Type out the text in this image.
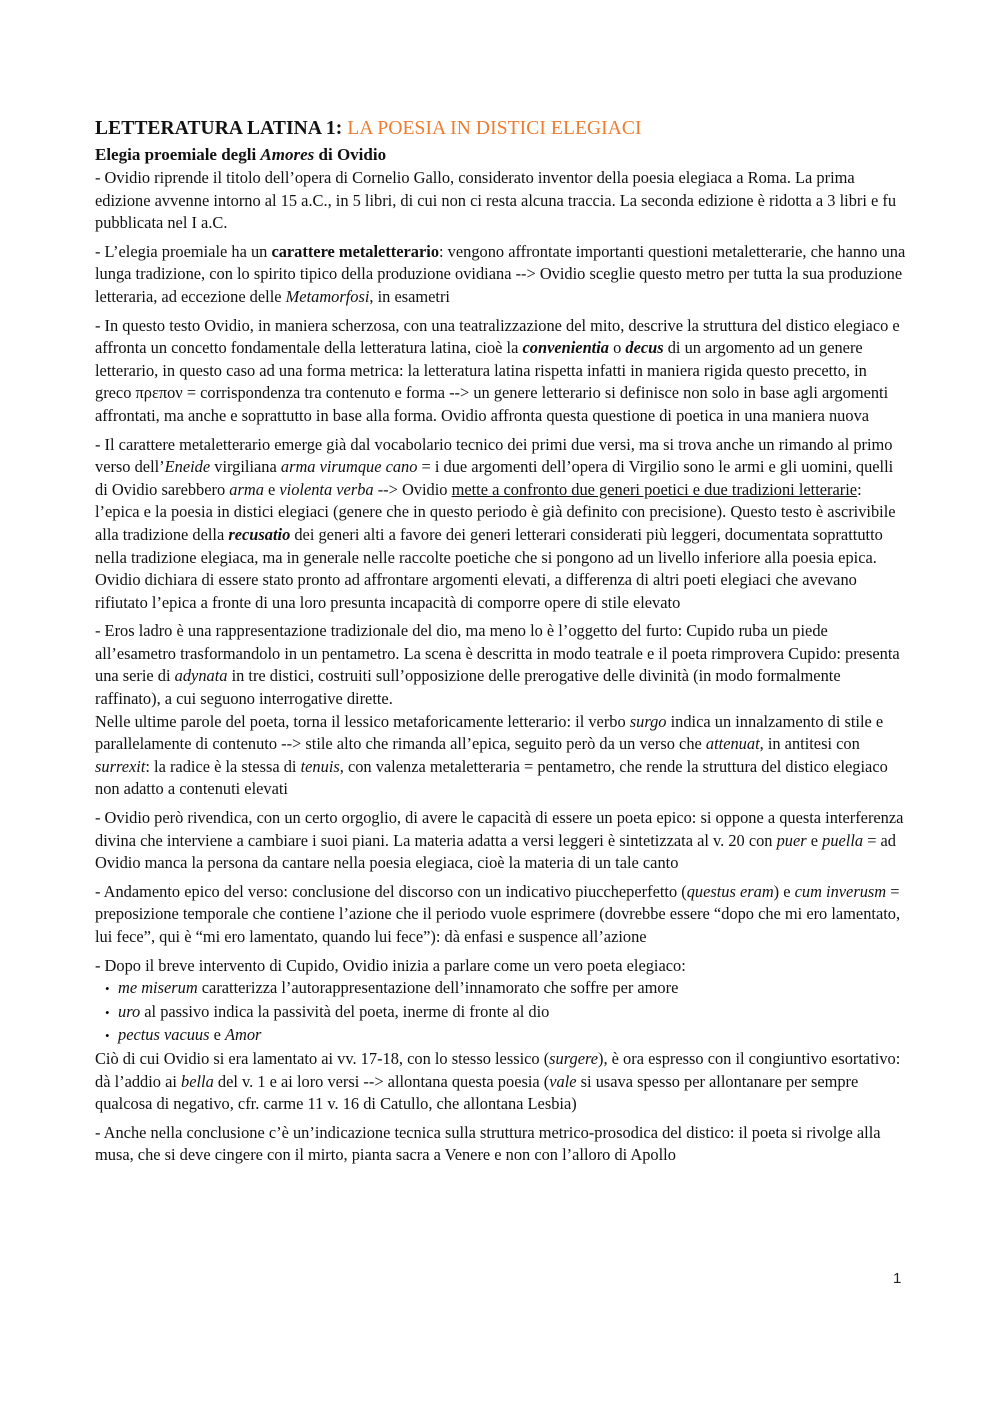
LETTERATURA LATINA 1: LA POESIA IN DISTICI ELEGIACI
Elegia proemiale degli Amores di Ovidio

- Ovidio riprende il titolo dell’opera di Cornelio Gallo, considerato inventor della poesia elegiaca a Roma. La prima edizione avvenne intorno al 15 a.C., in 5 libri, di cui non ci resta alcuna traccia. La seconda edizione è ridotta a 3 libri e fu pubblicata nel I a.C.

- L’elegia proemiale ha un carattere metaletterario: vengono affrontate importanti questioni metaletterarie, che hanno una lunga tradizione, con lo spirito tipico della produzione ovidiana --> Ovidio sceglie questo metro per tutta la sua produzione letteraria, ad eccezione delle Metamorfosi, in esametri

- In questo testo Ovidio, in maniera scherzosa, con una teatralizzazione del mito, descrive la struttura del distico elegiaco e affronta un concetto fondamentale della letteratura latina, cioè la convenientia o decus di un argomento ad un genere letterario, in questo caso ad una forma metrica: la letteratura latina rispetta infatti in maniera rigida questo precetto, in greco πρεπον = corrispondenza tra contenuto e forma --> un genere letterario si definisce non solo in base agli argomenti affrontati, ma anche e soprattutto in base alla forma. Ovidio affronta questa questione di poetica in una maniera nuova

- Il carattere metaletterario emerge già dal vocabolario tecnico dei primi due versi, ma si trova anche un rimando al primo verso dell’Eneide virgiliana arma virumque cano = i due argomenti dell’opera di Virgilio sono le armi e gli uomini, quelli di Ovidio sarebbero arma e violenta verba --> Ovidio mette a confronto due generi poetici e due tradizioni letterarie: l’epica e la poesia in distici elegiaci (genere che in questo periodo è già definito con precisione). Questo testo è ascrivibile alla tradizione della recusatio dei generi alti a favore dei generi letterari considerati più leggeri, documentata soprattutto nella tradizione elegiaca, ma in generale nelle raccolte poetiche che si pongono ad un livello inferiore alla poesia epica. Ovidio dichiara di essere stato pronto ad affrontare argomenti elevati, a differenza di altri poeti elegiaci che avevano rifiutato l’epica a fronte di una loro presunta incapacità di comporre opere di stile elevato

- Eros ladro è una rappresentazione tradizionale del dio, ma meno lo è l’oggetto del furto: Cupido ruba un piede all’esametro trasformandolo in un pentametro. La scena è descritta in modo teatrale e il poeta rimprovera Cupido: presenta una serie di adynata in tre distici, costruiti sull’opposizione delle prerogative delle divinità (in modo formalmente raffinato), a cui seguono interrogative dirette.

Nelle ultime parole del poeta, torna il lessico metaforicamente letterario: il verbo surgo indica un innalzamento di stile e parallelamente di contenuto --> stile alto che rimanda all’epica, seguito però da un verso che attenuat, in antitesi con surrexit: la radice è la stessa di tenuis, con valenza metaletteraria = pentametro, che rende la struttura del distico elegiaco non adatto a contenuti elevati

- Ovidio però rivendica, con un certo orgoglio, di avere le capacità di essere un poeta epico: si oppone a questa interferenza divina che interviene a cambiare i suoi piani. La materia adatta a versi leggeri è sintetizzata al v. 20 con puer e puella = ad Ovidio manca la persona da cantare nella poesia elegiaca, cioè la materia di un tale canto

- Andamento epico del verso: conclusione del discorso con un indicativo piuccheperfetto (questus eram) e cum inverusm = preposizione temporale che contiene l’azione che il periodo vuole esprimere (dovrebbe essere “dopo che mi ero lamentato, lui fece”, qui è “mi ero lamentato, quando lui fece”): dà enfasi e suspence all’azione

- Dopo il breve intervento di Cupido, Ovidio inizia a parlare come un vero poeta elegiaco:

• me miserum caratterizza l’autorappresentazione dell’innamorato che soffre per amore
• uro al passivo indica la passività del poeta, inerme di fronte al dio
• pectus vacuus e Amor

Ciò di cui Ovidio si era lamentato ai vv. 17-18, con lo stesso lessico (surgere), è ora espresso con il congiuntivo esortativo: dà l’addio ai bella del v. 1 e ai loro versi --> allontana questa poesia (vale si usava spesso per allontanare per sempre qualcosa di negativo, cfr. carme 11 v. 16 di Catullo, che allontana Lesbia)

- Anche nella conclusione c’è un’indicazione tecnica sulla struttura metrico-prosodica del distico: il poeta si rivolge alla musa, che si deve cingere con il mirto, pianta sacra a Venere e non con l’alloro di Apollo

1
